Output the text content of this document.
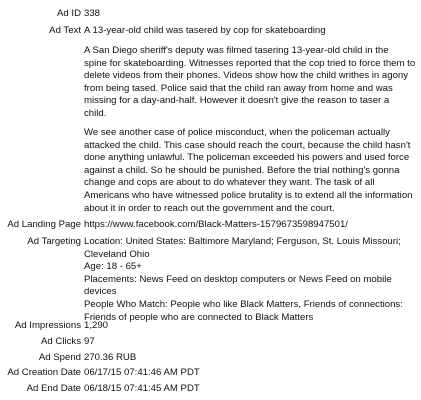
Ad ID 338
Ad Text A 13-year-old child was tasered by cop for skateboarding

A San Diego sheriff's deputy was filmed tasering 13-year-old child in the
spine for skateboarding. Witnesses reported that the cop tried to force them to
delete videos from their phones. Videos show how the child writhes in agony
from being tased. Police said that the child ran away from home and was
missing for a day-and-half. However it doesn't give the reason to taser a
child.

We see another case of police misconduct, when the policeman actually
attacked the child. This case should reach the court, because the child hasn't
done anything unlawful. The policeman exceeded his powers and used force
against a child. So he should be punished. Before the trial nothing's gonna
change and cops are about to do whatever they want. The task of all
Americans who have witnessed police brutality is to extend all the information
about it in order to reach out the government and the court.

Ad Landing Page https://www.facebook.com/Black-Matters-1579673598947501/
Ad Targeting Location: United States: Baltimore Maryland; Ferguson, St. Louis Missouri;
Cleveland Ohio
Age: 18 - 65+
Placements: News Feed on desktop computers or News Feed on mobile
devices
People Who Match: People who like Black Matters, Friends of connections:
Friends of people who are connected to Black Matters
Ad Impressions 1,290
Ad Clicks 97
Ad Spend 270.36 RUB
Ad Creation Date 06/17/15 07:41:46 AM PDT
Ad End Date 06/18/15 07:41:45 AM PDT
